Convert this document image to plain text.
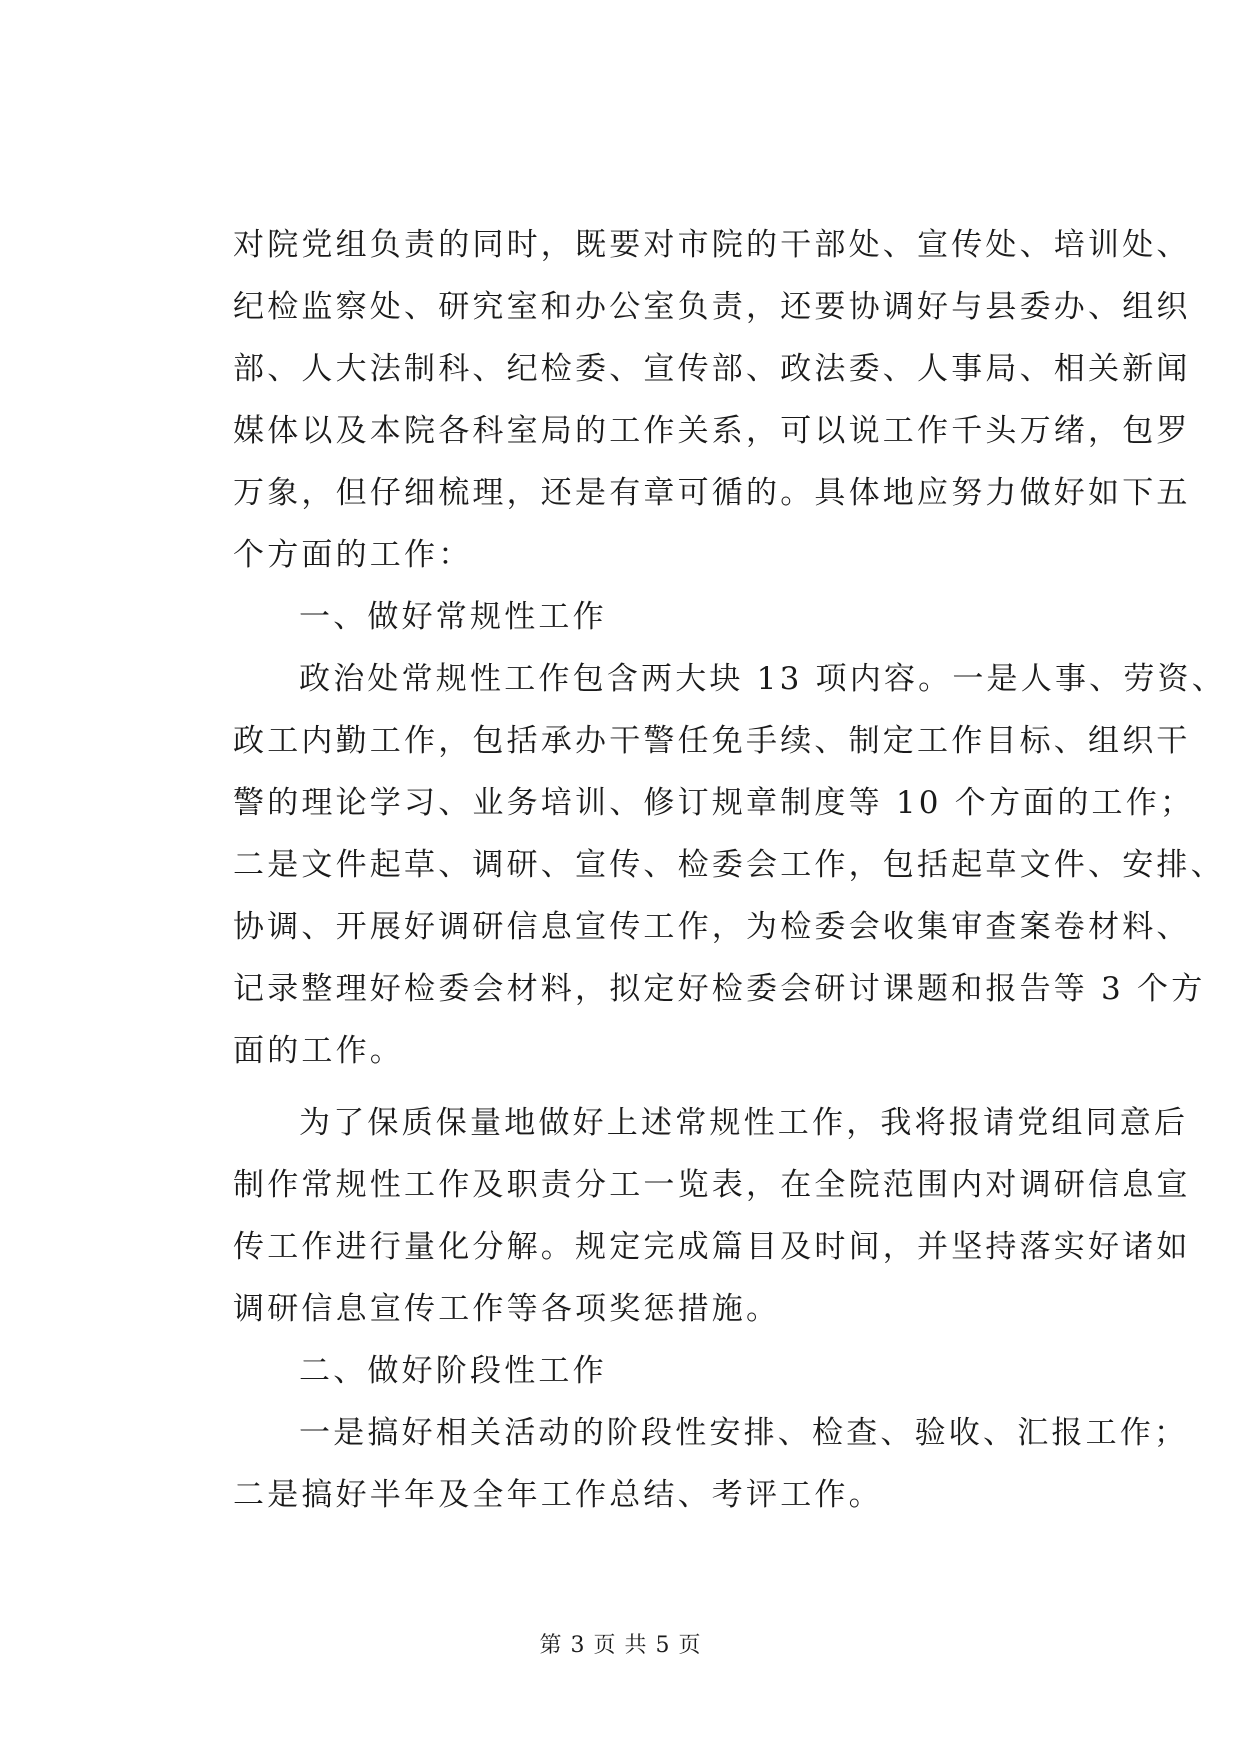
对院党组负责的同时，既要对市院的干部处、宣传处、培训处、
纪检监察处、研究室和办公室负责，还要协调好与县委办、组织
部、人大法制科、纪检委、宣传部、政法委、人事局、相关新闻
媒体以及本院各科室局的工作关系，可以说工作千头万绪，包罗
万象，但仔细梳理，还是有章可循的。具体地应努力做好如下五
个方面的工作：
一、做好常规性工作
政治处常规性工作包含两大块 13 项内容。一是人事、劳资、
政工内勤工作，包括承办干警任免手续、制定工作目标、组织干
警的理论学习、业务培训、修订规章制度等 10 个方面的工作；
二是文件起草、调研、宣传、检委会工作，包括起草文件、安排、
协调、开展好调研信息宣传工作，为检委会收集审查案卷材料、
记录整理好检委会材料，拟定好检委会研讨课题和报告等 3 个方
面的工作。
为了保质保量地做好上述常规性工作，我将报请党组同意后
制作常规性工作及职责分工一览表，在全院范围内对调研信息宣
传工作进行量化分解。规定完成篇目及时间，并坚持落实好诸如
调研信息宣传工作等各项奖惩措施。
二、做好阶段性工作
一是搞好相关活动的阶段性安排、检查、验收、汇报工作；
二是搞好半年及全年工作总结、考评工作。
第 3 页 共 5 页
